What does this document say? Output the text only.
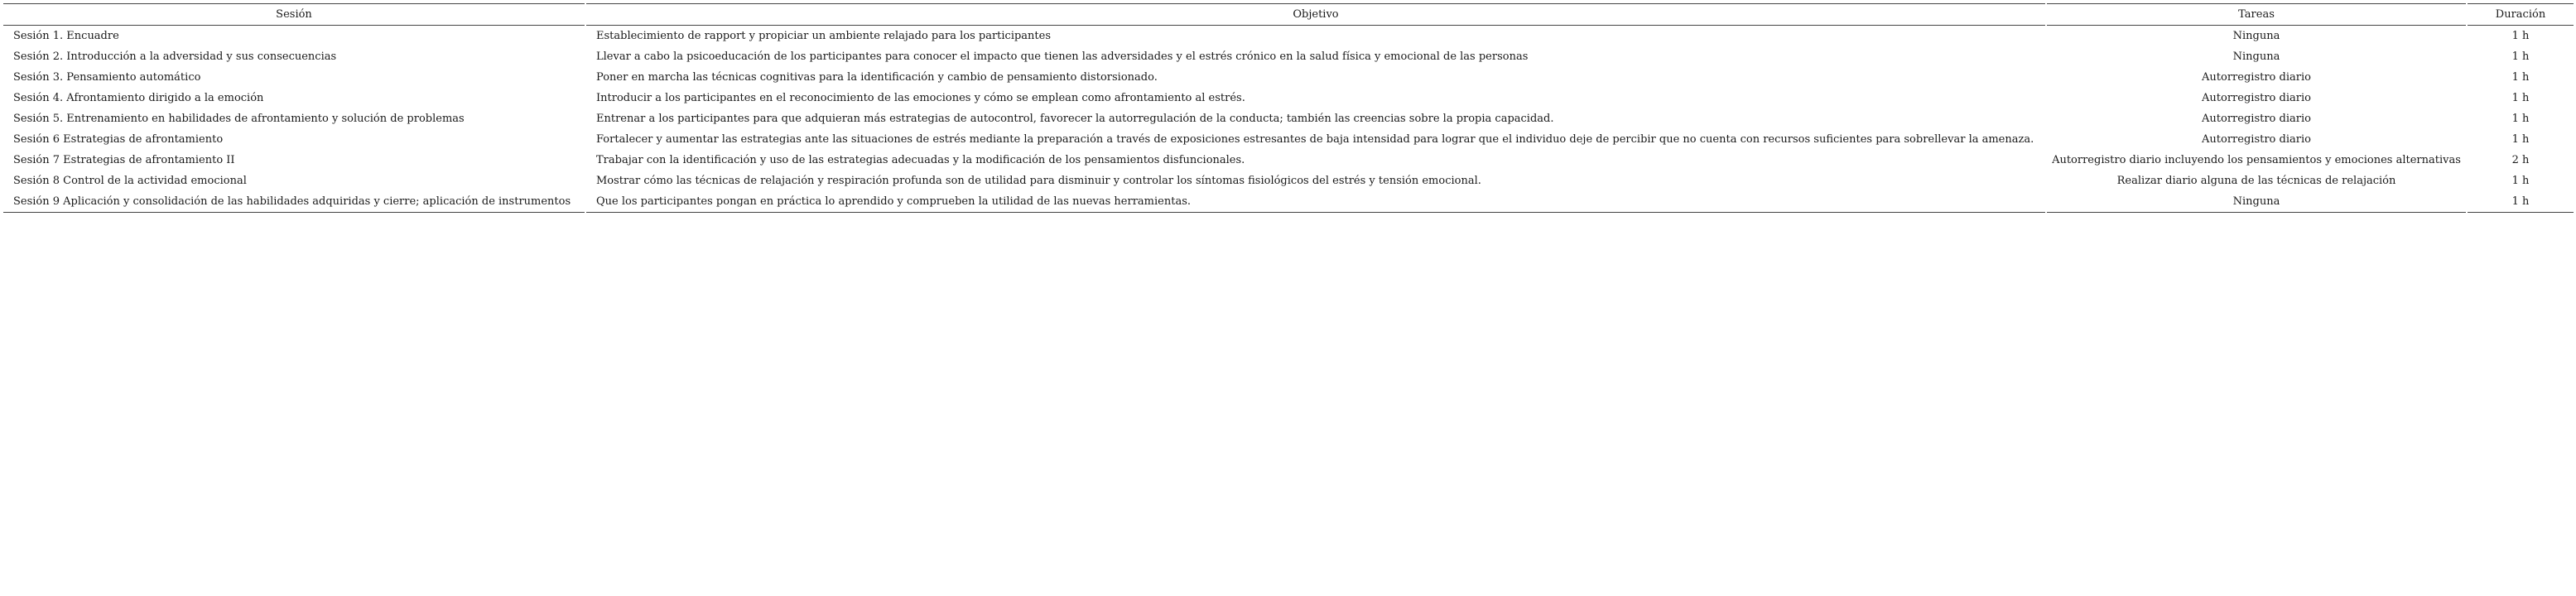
Sesión	Objetivo	Tareas	Duración
Sesión 1. Encuadre	Establecimiento de rapport y propiciar un ambiente relajado para los participantes	Ninguna	1 h
Sesión 2. Introducción a la adversidad y sus consecuencias	Llevar a cabo la psicoeducación de los participantes para conocer el impacto que tienen las adversidades y el estrés crónico en la salud física y emocional de las personas	Ninguna	1 h
Sesión 3. Pensamiento automático	Poner en marcha las técnicas cognitivas para la identificación y cambio de pensamiento distorsionado.	Autorregistro diario	1 h
Sesión 4. Afrontamiento dirigido a la emoción	Introducir a los participantes en el reconocimiento de las emociones y cómo se emplean como afrontamiento al estrés.	Autorregistro diario	1 h
Sesión 5. Entrenamiento en habilidades de afrontamiento y solución de problemas	Entrenar a los participantes para que adquieran más estrategias de autocontrol, favorecer la autorregulación de la conducta; también las creencias sobre la propia capacidad.	Autorregistro diario	1 h
Sesión 6 Estrategias de afrontamiento	Fortalecer y aumentar las estrategias ante las situaciones de estrés mediante la preparación a través de exposiciones estresantes de baja intensidad para lograr que el individuo deje de percibir que no cuenta con recursos suficientes para sobrellevar la amenaza.	Autorregistro diario	1 h
Sesión 7 Estrategias de afrontamiento II	Trabajar con la identificación y uso de las estrategias adecuadas y la modificación de los pensamientos disfuncionales.	Autorregistro diario incluyendo los pensamientos y emociones alternativas	2 h
Sesión 8 Control de la actividad emocional	Mostrar cómo las técnicas de relajación y respiración profunda son de utilidad para disminuir y controlar los síntomas fisiológicos del estrés y tensión emocional.	Realizar diario alguna de las técnicas de relajación	1 h
Sesión 9 Aplicación y consolidación de las habilidades adquiridas y cierre; aplicación de instrumentos	Que los participantes pongan en práctica lo aprendido y comprueben la utilidad de las nuevas herramientas.	Ninguna	1 h
